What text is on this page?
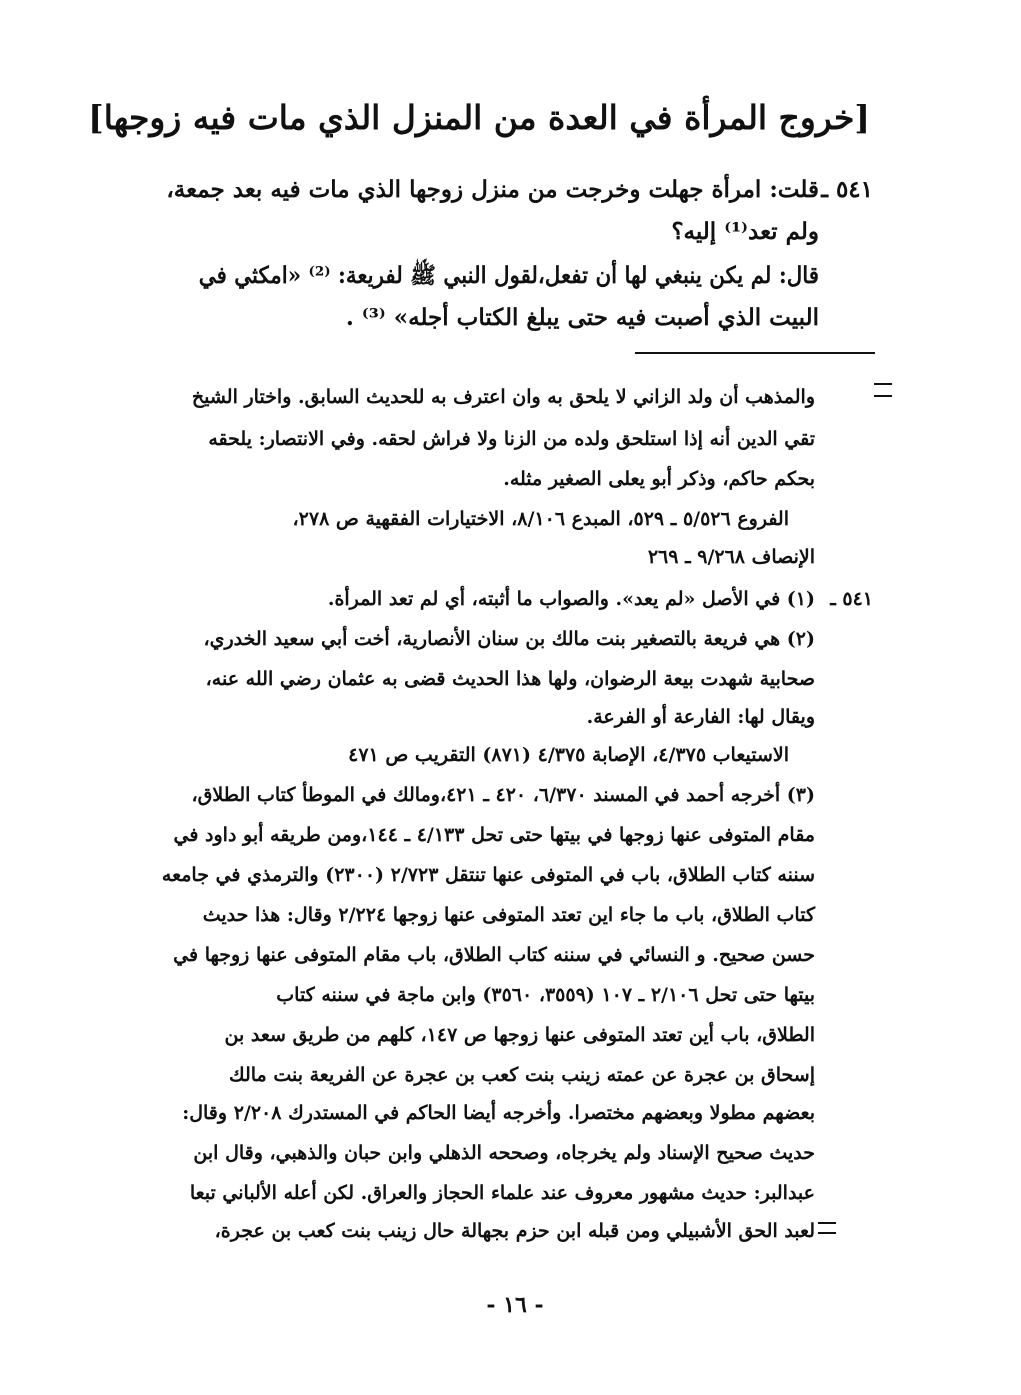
[خروج المرأة في العدة من المنزل الذي مات فيه زوجها]
٥٤١ ـ
قلت: امرأة جهلت وخرجت من منزل زوجها الذي مات فيه بعد جمعة،
ولم تعد⁽¹⁾ إليه؟
قال: لم يكن ينبغي لها أن تفعل،لقول النبي ﷺ لفريعة: ⁽²⁾ «امكثي في
البيت الذي أصبت فيه حتى يبلغ الكتاب أجله» ⁽³⁾ .
والمذهب أن ولد الزاني لا يلحق به وان اعترف به للحديث السابق. واختار الشيخ
تقي الدين أنه إذا استلحق ولده من الزنا ولا فراش لحقه. وفي الانتصار: يلحقه
بحكم حاكم، وذكر أبو يعلى الصغير مثله.
الفروع ٥/٥٢٦ ـ ٥٢٩، المبدع ٨/١٠٦، الاختيارات الفقهية ص ٢٧٨،
الإنصاف ٩/٢٦٨ ـ ٢٦٩
٥٤١ ـ
(١) في الأصل «لم يعد». والصواب ما أثبته، أي لم تعد المرأة.
(٢) هي فريعة بالتصغير بنت مالك بن سنان الأنصارية، أخت أبي سعيد الخدري،
صحابية شهدت بيعة الرضوان، ولها هذا الحديث قضى به عثمان رضي الله عنه،
ويقال لها: الفارعة أو الفرعة.
الاستيعاب ٤/٣٧٥، الإصابة ٤/٣٧٥ (٨٧١) التقريب ص ٤٧١
(٣) أخرجه أحمد في المسند ٦/٣٧٠، ٤٢٠ ـ ٤٢١،ومالك في الموطأ كتاب الطلاق،
مقام المتوفى عنها زوجها في بيتها حتى تحل ٤/١٣٣ ـ ١٤٤،ومن طريقه أبو داود في
سننه كتاب الطلاق، باب في المتوفى عنها تنتقل ٢/٧٢٣ (٢٣٠٠) والترمذي في جامعه
كتاب الطلاق، باب ما جاء اين تعتد المتوفى عنها زوجها ٢/٢٢٤ وقال: هذا حديث
حسن صحيح. و النسائي في سننه كتاب الطلاق، باب مقام المتوفى عنها زوجها في
بيتها حتى تحل ٢/١٠٦ ـ ١٠٧ (٣٥٥٩، ٣٥٦٠) وابن ماجة في سننه كتاب
الطلاق، باب أين تعتد المتوفى عنها زوجها ص ١٤٧، كلهم من طريق سعد بن
إسحاق بن عجرة عن عمته زينب بنت كعب بن عجرة عن الفريعة بنت مالك
بعضهم مطولا وبعضهم مختصرا. وأخرجه أيضا الحاكم في المستدرك ٢/٢٠٨ وقال:
حديث صحيح الإسناد ولم يخرجاه، وصححه الذهلي وابن حبان والذهبي، وقال ابن
عبدالبر: حديث مشهور معروف عند علماء الحجاز والعراق. لكن أعله الألباني تبعا
لعبد الحق الأشبيلي ومن قبله ابن حزم بجهالة حال زينب بنت كعب بن عجرة،
- ١٦ -
